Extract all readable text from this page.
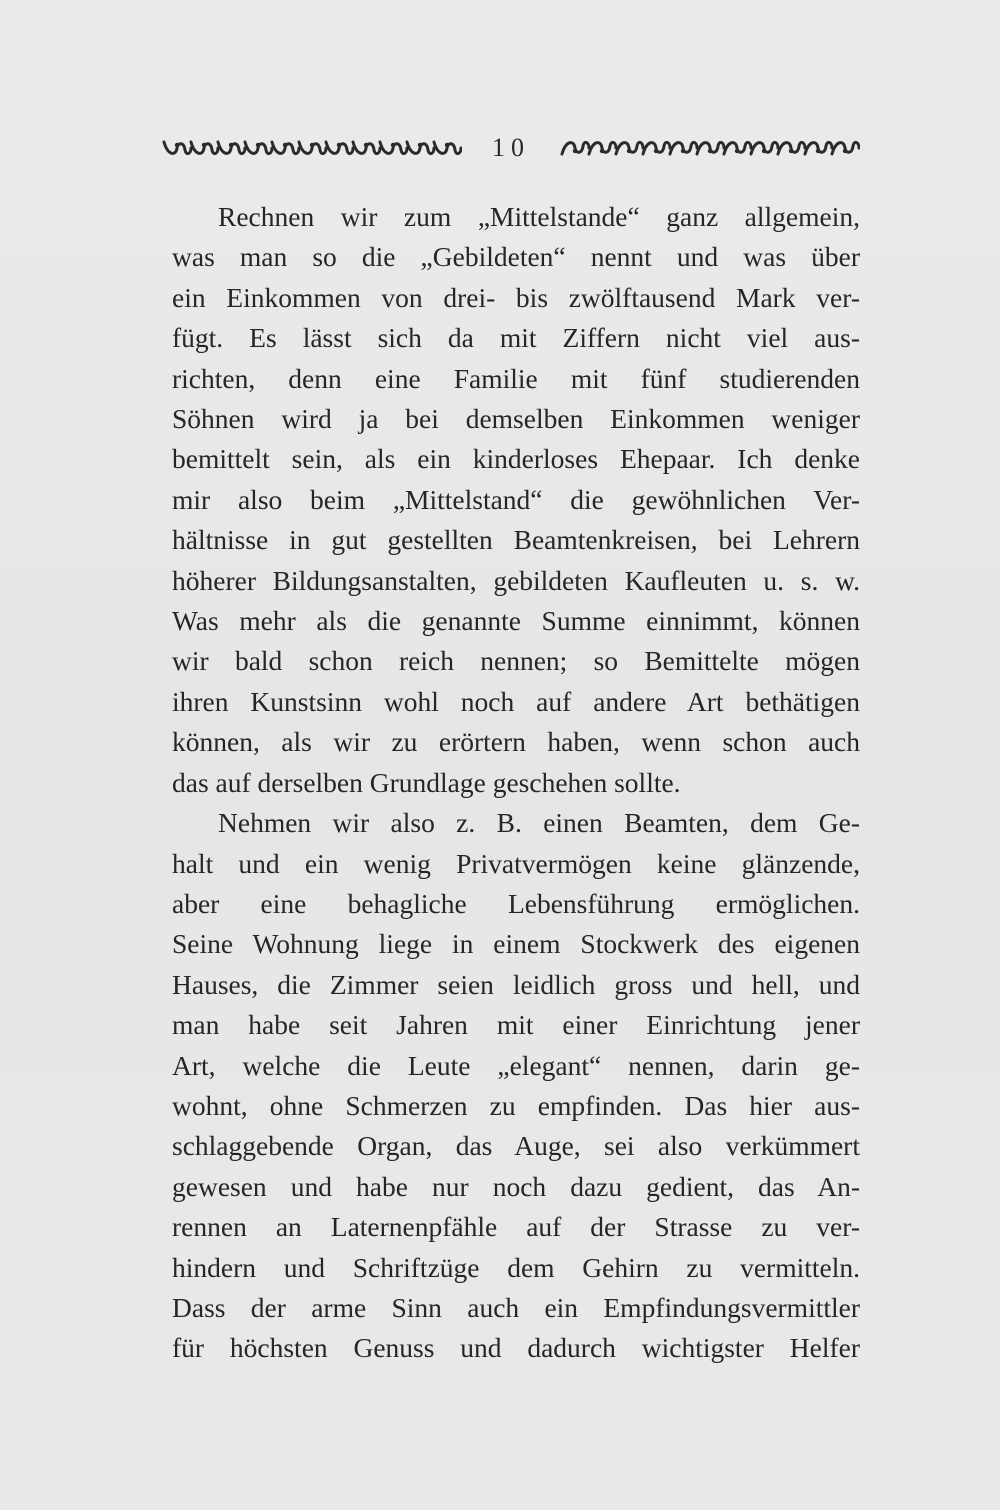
10

Rechnen wir zum „Mittelstande“ ganz allgemein,
was man so die „Gebildeten“ nennt und was über
ein Einkommen von drei- bis zwölftausend Mark ver-
fügt. Es lässt sich da mit Ziffern nicht viel aus-
richten, denn eine Familie mit fünf studierenden
Söhnen wird ja bei demselben Einkommen weniger
bemittelt sein, als ein kinderloses Ehepaar. Ich denke
mir also beim „Mittelstand“ die gewöhnlichen Ver-
hältnisse in gut gestellten Beamtenkreisen, bei Lehrern
höherer Bildungsanstalten, gebildeten Kaufleuten u. s. w.
Was mehr als die genannte Summe einnimmt, können
wir bald schon reich nennen; so Bemittelte mögen
ihren Kunstsinn wohl noch auf andere Art bethätigen
können, als wir zu erörtern haben, wenn schon auch
das auf derselben Grundlage geschehen sollte.

Nehmen wir also z. B. einen Beamten, dem Ge-
halt und ein wenig Privatvermögen keine glänzende,
aber eine behagliche Lebensführung ermöglichen.
Seine Wohnung liege in einem Stockwerk des eigenen
Hauses, die Zimmer seien leidlich gross und hell, und
man habe seit Jahren mit einer Einrichtung jener
Art, welche die Leute „elegant“ nennen, darin ge-
wohnt, ohne Schmerzen zu empfinden. Das hier aus-
schlaggebende Organ, das Auge, sei also verkümmert
gewesen und habe nur noch dazu gedient, das An-
rennen an Laternenpfähle auf der Strasse zu ver-
hindern und Schriftzüge dem Gehirn zu vermitteln.
Dass der arme Sinn auch ein Empfindungsvermittler
für höchsten Genuss und dadurch wichtigster Helfer
